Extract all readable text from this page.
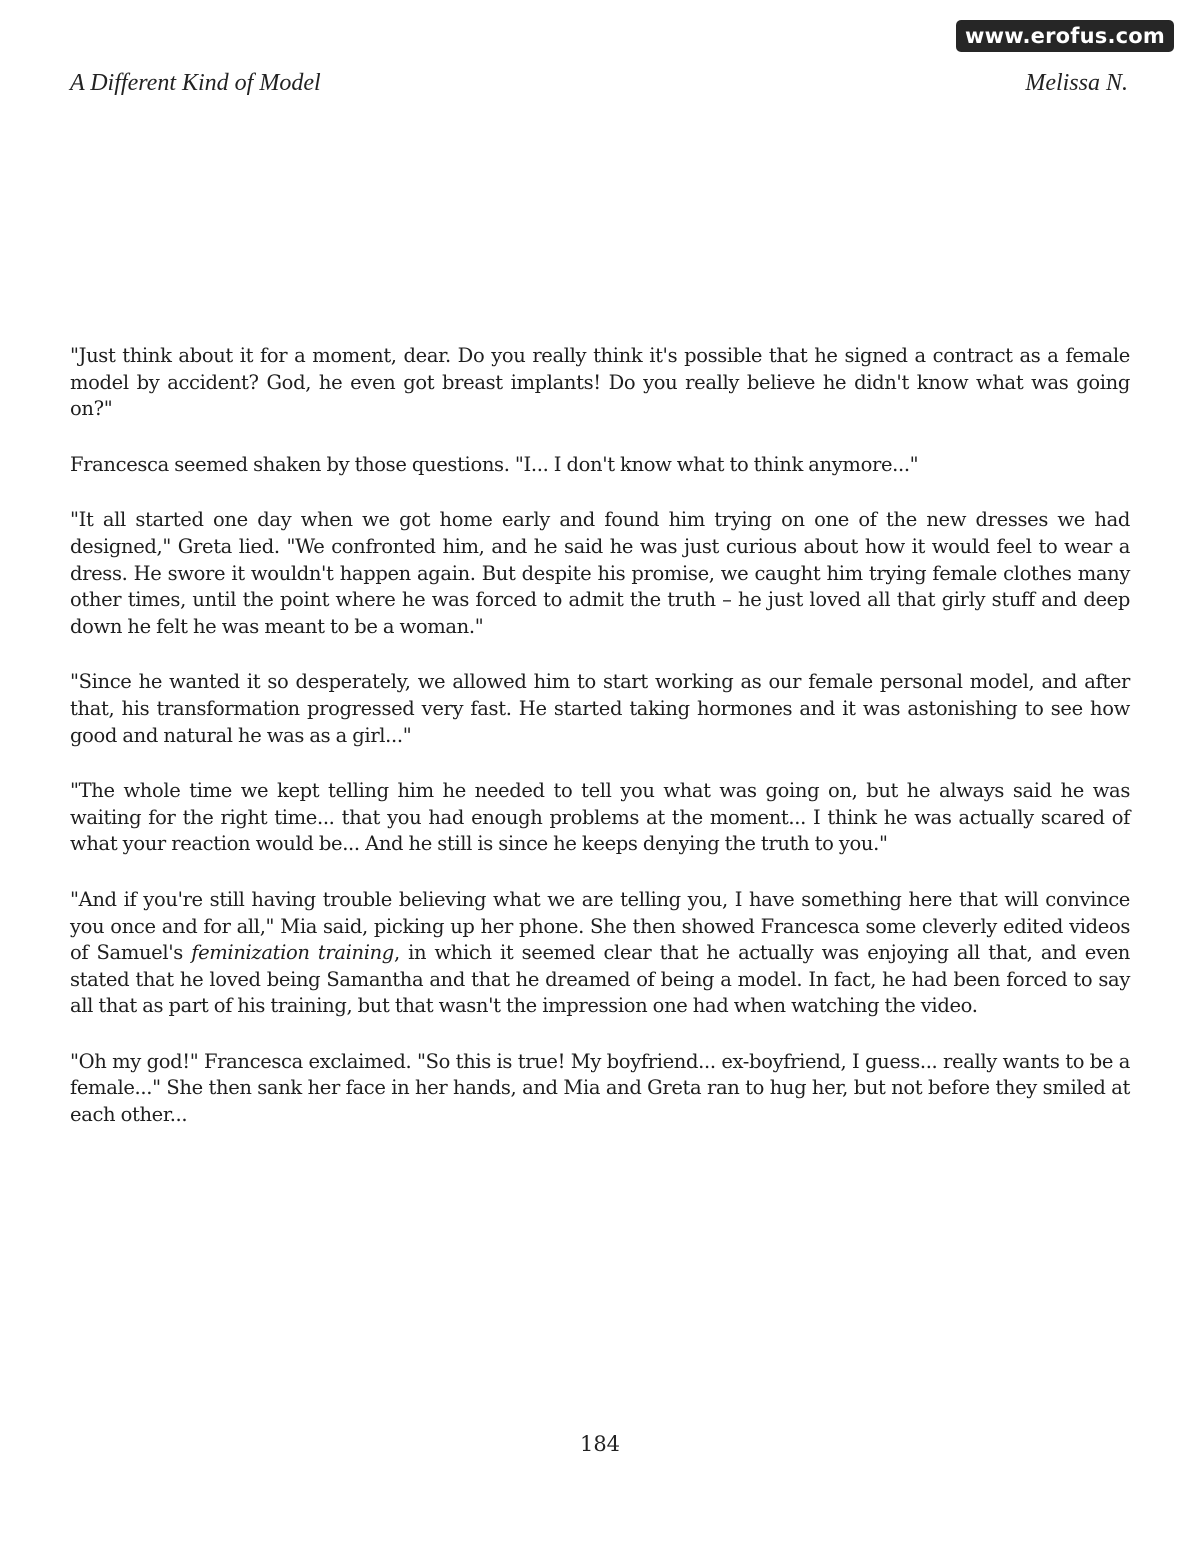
www.erofus.com
A Different Kind of Model	Melissa N.

"Just think about it for a moment, dear. Do you really think it's possible that he signed a contract as a female model by accident? God, he even got breast implants! Do you really believe he didn't know what was going on?"

Francesca seemed shaken by those questions. "I... I don't know what to think anymore..."

"It all started one day when we got home early and found him trying on one of the new dresses we had designed," Greta lied. "We confronted him, and he said he was just curious about how it would feel to wear a dress. He swore it wouldn't happen again. But despite his promise, we caught him trying female clothes many other times, until the point where he was forced to admit the truth – he just loved all that girly stuff and deep down he felt he was meant to be a woman."

"Since he wanted it so desperately, we allowed him to start working as our female personal model, and after that, his transformation progressed very fast. He started taking hormones and it was astonishing to see how good and natural he was as a girl..."

"The whole time we kept telling him he needed to tell you what was going on, but he always said he was waiting for the right time... that you had enough problems at the moment... I think he was actually scared of what your reaction would be... And he still is since he keeps denying the truth to you."

"And if you're still having trouble believing what we are telling you, I have something here that will convince you once and for all," Mia said, picking up her phone. She then showed Francesca some cleverly edited videos of Samuel's feminization training, in which it seemed clear that he actually was enjoying all that, and even stated that he loved being Samantha and that he dreamed of being a model. In fact, he had been forced to say all that as part of his training, but that wasn't the impression one had when watching the video.

"Oh my god!" Francesca exclaimed. "So this is true! My boyfriend... ex-boyfriend, I guess... really wants to be a female..." She then sank her face in her hands, and Mia and Greta ran to hug her, but not before they smiled at each other...

184
